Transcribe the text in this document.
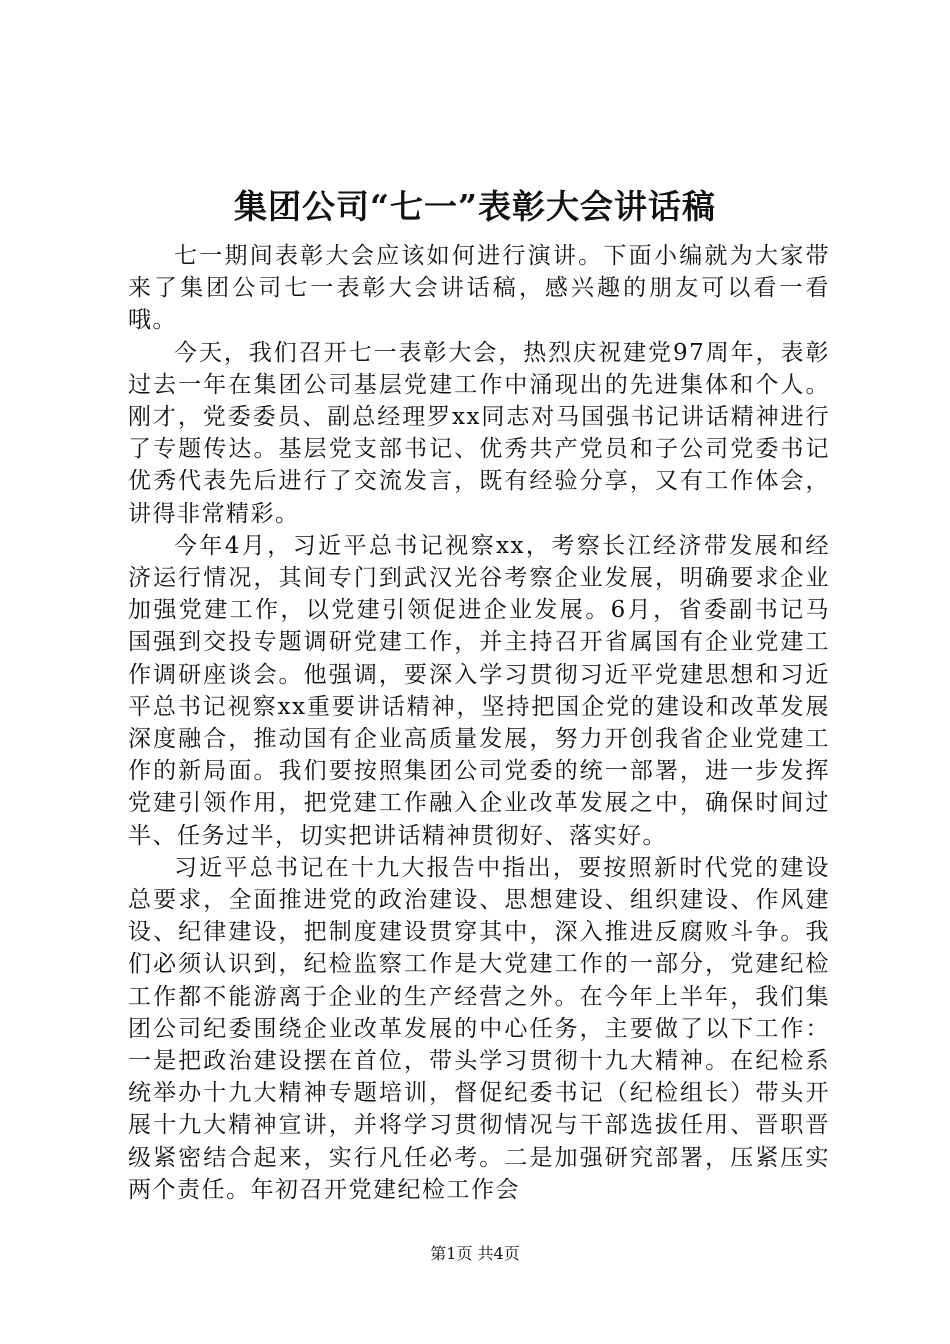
集团公司“七一”表彰大会讲话稿

七一期间表彰大会应该如何进行演讲。下面小编就为大家带来了集团公司七一表彰大会讲话稿，感兴趣的朋友可以看一看哦。

今天，我们召开七一表彰大会，热烈庆祝建党97周年，表彰过去一年在集团公司基层党建工作中涌现出的先进集体和个人。刚才，党委委员、副总经理罗xx同志对马国强书记讲话精神进行了专题传达。基层党支部书记、优秀共产党员和子公司党委书记优秀代表先后进行了交流发言，既有经验分享，又有工作体会，讲得非常精彩。

今年4月，习近平总书记视察xx，考察长江经济带发展和经济运行情况，其间专门到武汉光谷考察企业发展，明确要求企业加强党建工作，以党建引领促进企业发展。6月，省委副书记马国强到交投专题调研党建工作，并主持召开省属国有企业党建工作调研座谈会。他强调，要深入学习贯彻习近平党建思想和习近平总书记视察xx重要讲话精神，坚持把国企党的建设和改革发展深度融合，推动国有企业高质量发展，努力开创我省企业党建工作的新局面。我们要按照集团公司党委的统一部署，进一步发挥党建引领作用，把党建工作融入企业改革发展之中，确保时间过半、任务过半，切实把讲话精神贯彻好、落实好。

习近平总书记在十九大报告中指出，要按照新时代党的建设总要求，全面推进党的政治建设、思想建设、组织建设、作风建设、纪律建设，把制度建设贯穿其中，深入推进反腐败斗争。我们必须认识到，纪检监察工作是大党建工作的一部分，党建纪检工作都不能游离于企业的生产经营之外。在今年上半年，我们集团公司纪委围绕企业改革发展的中心任务，主要做了以下工作：一是把政治建设摆在首位，带头学习贯彻十九大精神。在纪检系统举办十九大精神专题培训，督促纪委书记（纪检组长）带头开展十九大精神宣讲，并将学习贯彻情况与干部选拔任用、晋职晋级紧密结合起来，实行凡任必考。二是加强研究部署，压紧压实两个责任。年初召开党建纪检工作会

第1页 共4页
